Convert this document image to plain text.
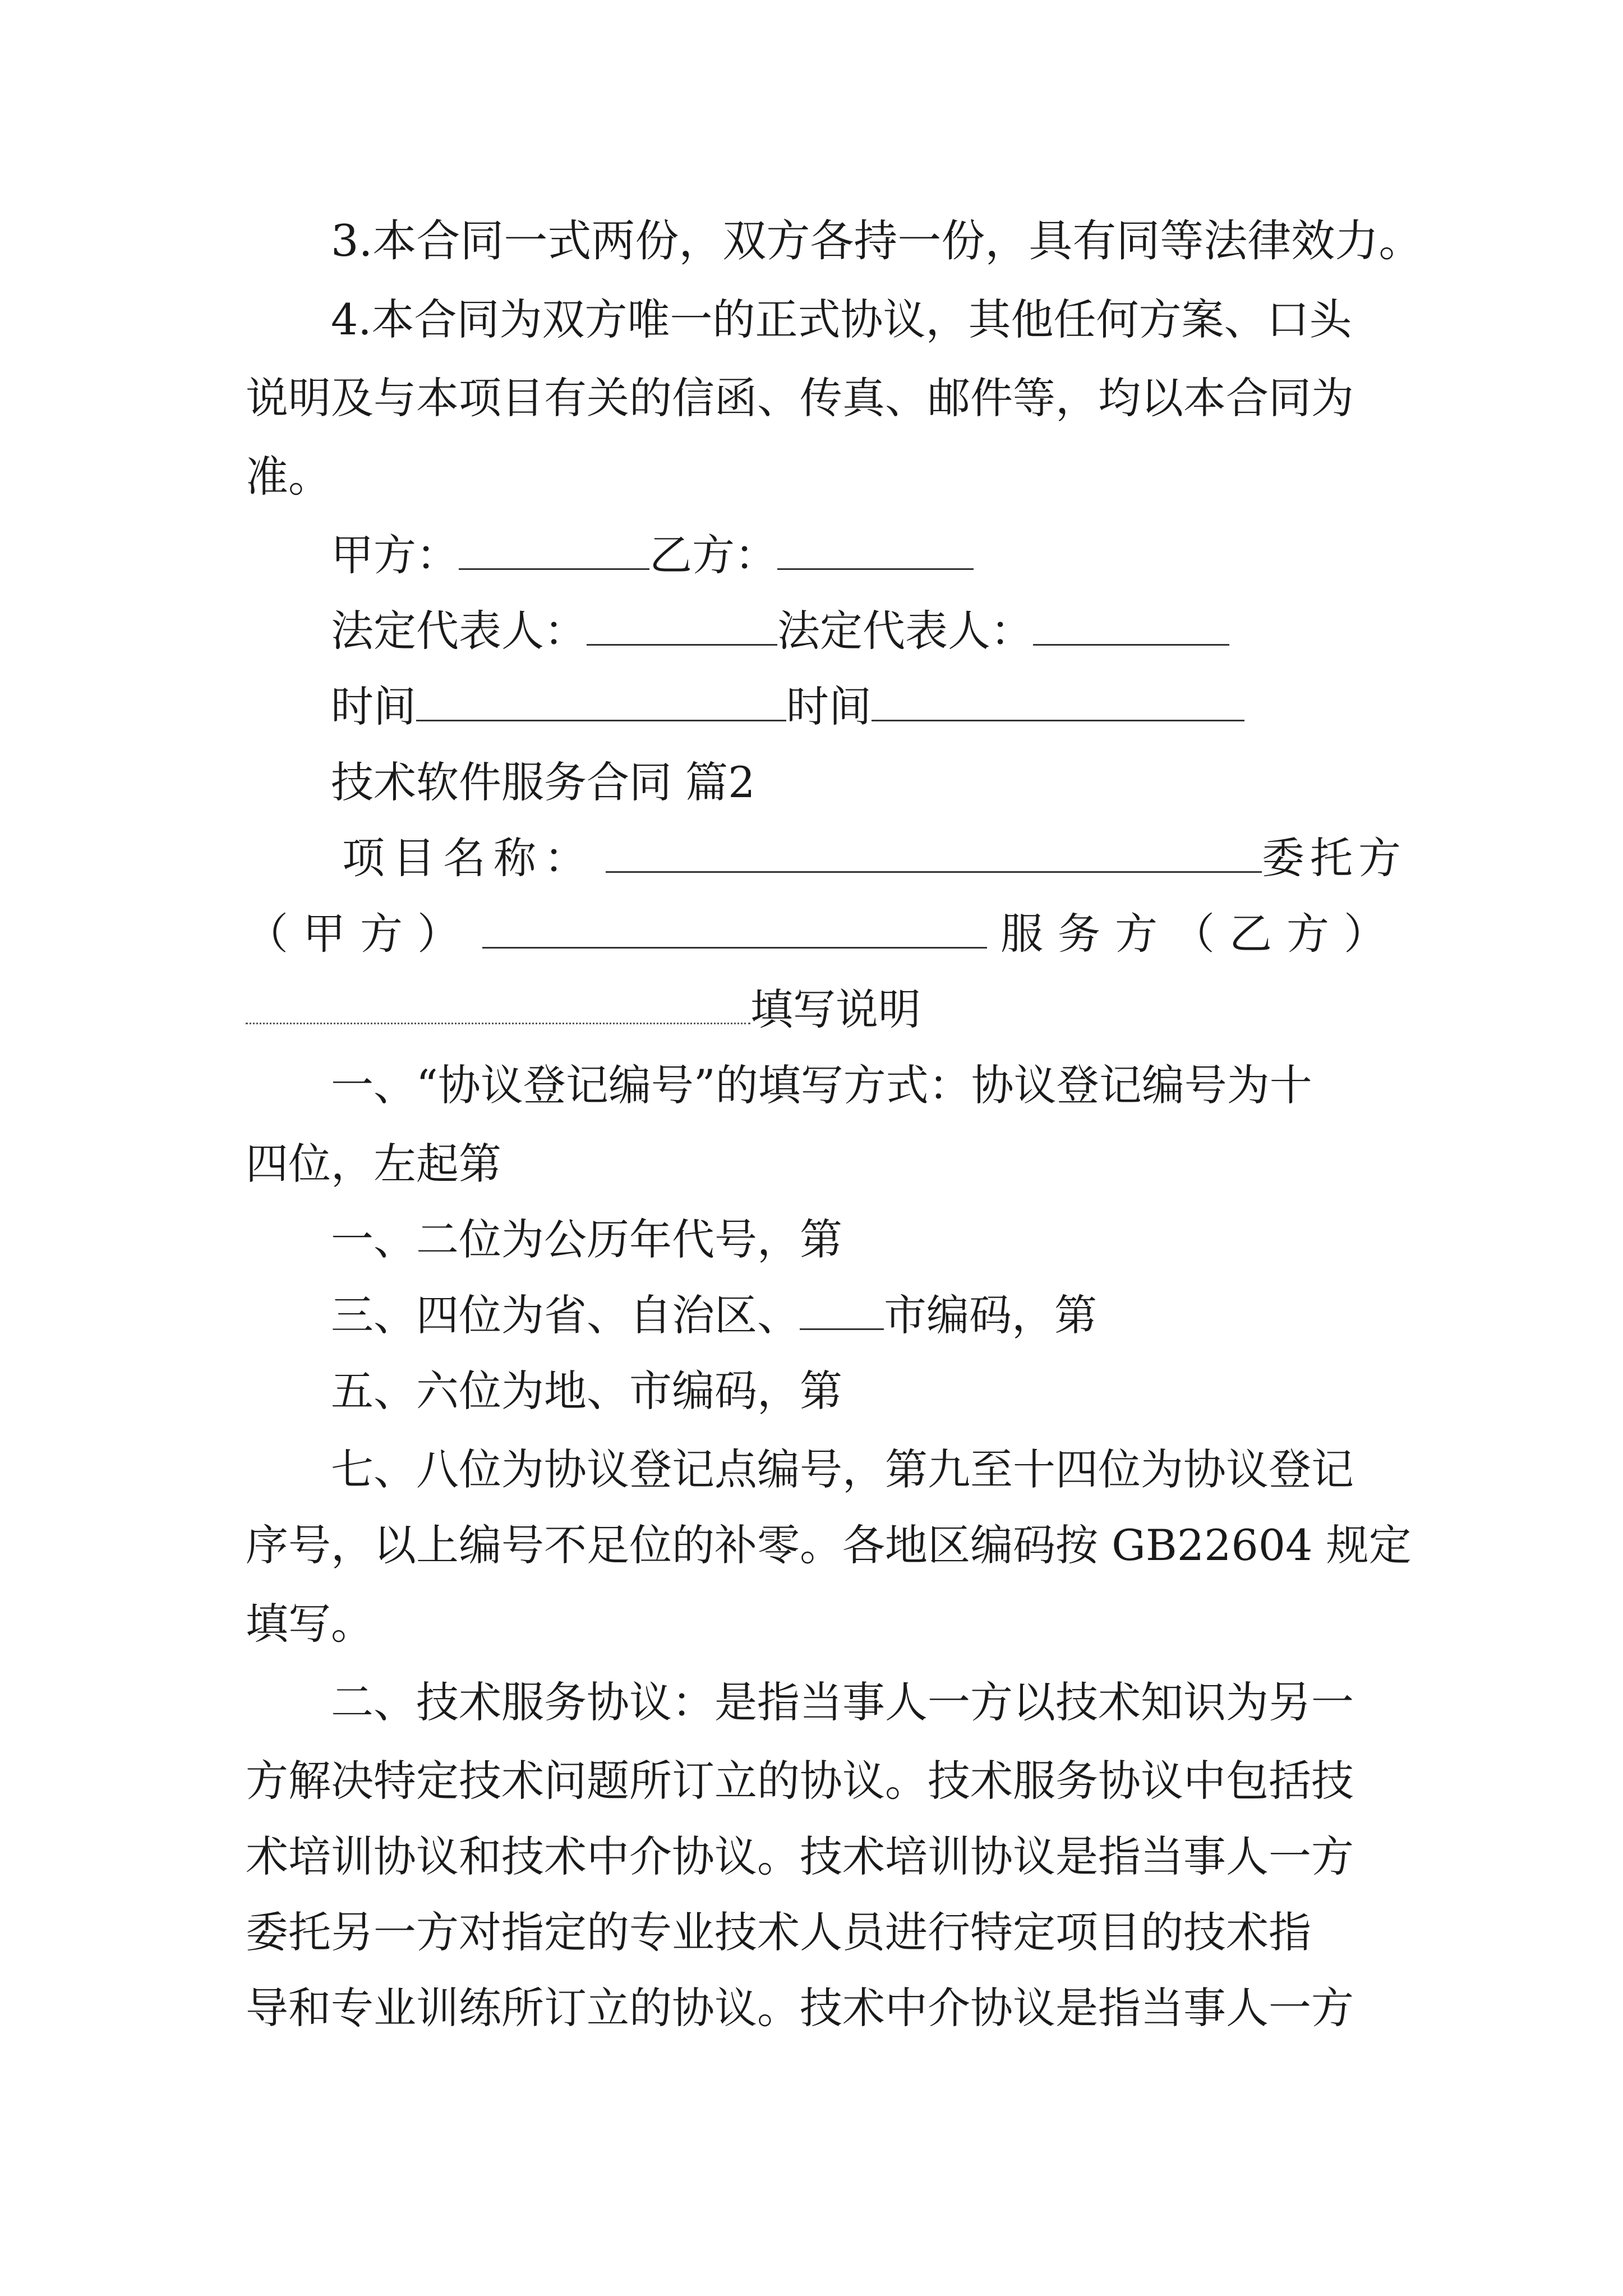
3.本合同一式两份，双方各持一份，具有同等法律效力。
4.本合同为双方唯一的正式协议，其他任何方案、口头
说明及与本项目有关的信函、传真、邮件等，均以本合同为
准。
甲方：	乙方：
法定代表人：	法定代表人：
时间	时间
技术软件服务合同 篇2
项目名称：	委托方
（甲方）	服务方（乙方）
填写说明
一、“协议登记编号”的填写方式：协议登记编号为十
四位，左起第
一、二位为公历年代号，第
三、四位为省、自治区、 市编码，第
五、六位为地、市编码，第
七、八位为协议登记点编号，第九至十四位为协议登记
序号，以上编号不足位的补零。各地区编码按 GB22604 规定
填写。
二、技术服务协议：是指当事人一方以技术知识为另一
方解决特定技术问题所订立的协议。技术服务协议中包括技
术培训协议和技术中介协议。技术培训协议是指当事人一方
委托另一方对指定的专业技术人员进行特定项目的技术指
导和专业训练所订立的协议。技术中介协议是指当事人一方
